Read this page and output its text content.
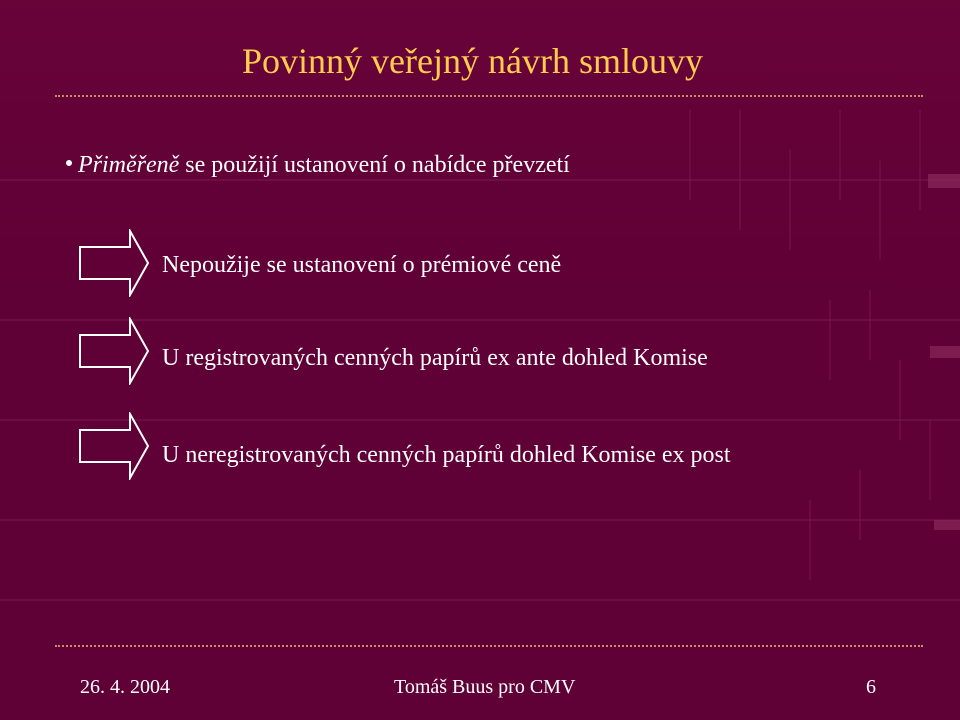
Povinný veřejný návrh smlouvy
Přiměřeně se použijí ustanovení o nabídce převzetí
Nepoužije se ustanovení o prémiové ceně
U registrovaných cenných papírů ex ante dohled Komise
U neregistrovaných cenných papírů dohled Komise ex post
26. 4. 2004	Tomáš Buus pro CMV	6
